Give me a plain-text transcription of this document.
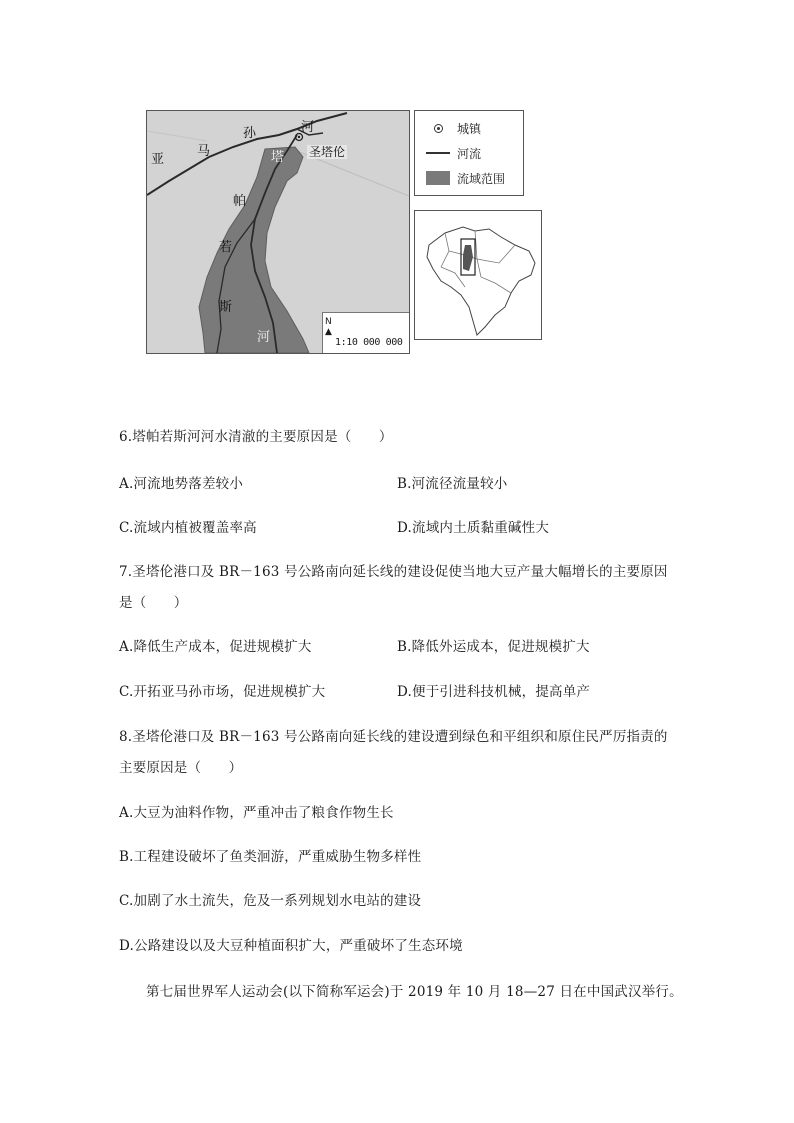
亚
马
孙	河
塔 圣塔伦
帕
若
斯
河
N
▲
1:10 000 000
城镇
河流
流域范围
6.塔帕若斯河河水清澈的主要原因是（　　）
A.河流地势落差较小	B.河流径流量较小
C.流域内植被覆盖率高	D.流域内土质黏重碱性大
7.圣塔伦港口及 BR－163 号公路南向延长线的建设促使当地大豆产量大幅增长的主要原因
是（　　）
A.降低生产成本，促进规模扩大	B.降低外运成本，促进规模扩大
C.开拓亚马孙市场，促进规模扩大	D.便于引进科技机械，提高单产
8.圣塔伦港口及 BR－163 号公路南向延长线的建设遭到绿色和平组织和原住民严厉指责的
主要原因是（　　）
A.大豆为油料作物，严重冲击了粮食作物生长
B.工程建设破坏了鱼类洄游，严重威胁生物多样性
C.加剧了水土流失，危及一系列规划水电站的建设
D.公路建设以及大豆种植面积扩大，严重破坏了生态环境
第七届世界军人运动会(以下简称军运会)于 2019 年 10 月 18—27 日在中国武汉举行。
